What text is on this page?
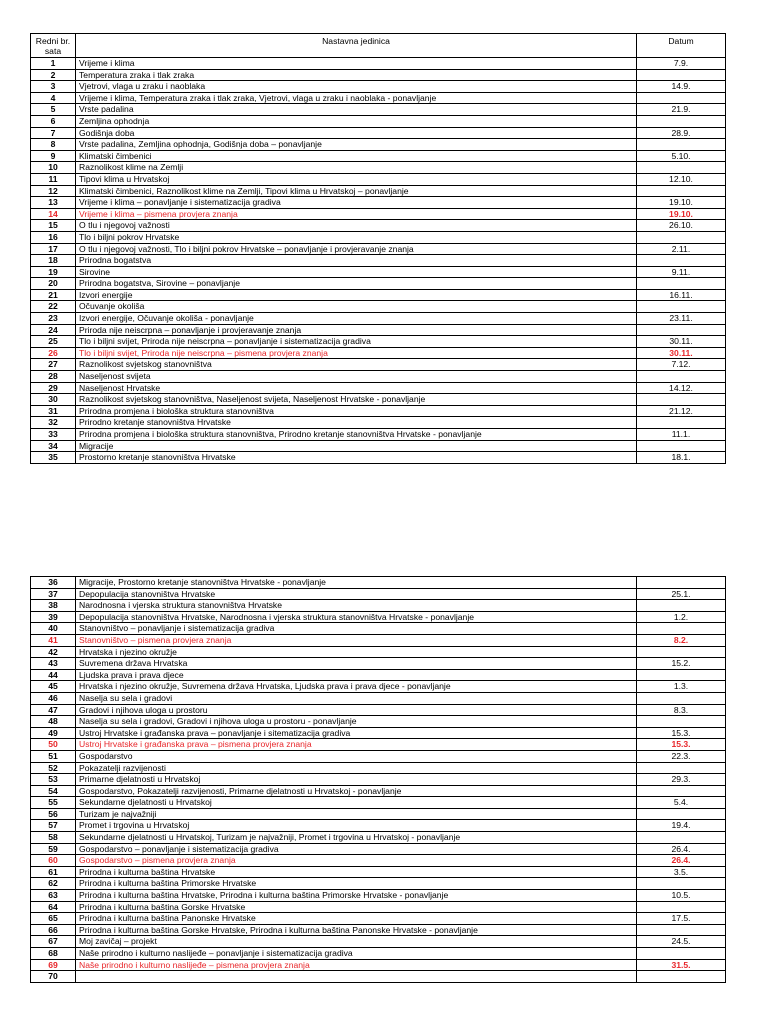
Redni br. sata	Nastavna jedinica	Datum
1	Vrijeme i klima	7.9.
2	Temperatura zraka i tlak zraka	
3	Vjetrovi, vlaga u zraku i naoblaka	14.9.
4	Vrijeme i klima, Temperatura zraka i tlak zraka, Vjetrovi, vlaga u zraku i naoblaka - ponavljanje	
5	Vrste padalina	21.9.
6	Zemljina ophodnja	
7	Godišnja doba	28.9.
8	Vrste padalina, Zemljina ophodnja, Godišnja doba – ponavljanje	
9	Klimatski čimbenici	5.10.
10	Raznolikost klime na Zemlji	
11	Tipovi klima u Hrvatskoj	12.10.
12	Klimatski čimbenici, Raznolikost klime na Zemlji, Tipovi klima u Hrvatskoj – ponavljanje	
13	Vrijeme i klima – ponavljanje i sistematizacija gradiva	19.10.
14	Vrijeme i klima – pismena provjera znanja	19.10.
15	O tlu i njegovoj važnosti	26.10.
16	Tlo i biljni pokrov Hrvatske	
17	O tlu i njegovoj važnosti, Tlo i biljni pokrov Hrvatske – ponavljanje i provjeravanje znanja	2.11.
18	Prirodna bogatstva	
19	Sirovine	9.11.
20	Prirodna bogatstva, Sirovine – ponavljanje	
21	Izvori energije	16.11.
22	Očuvanje okoliša	
23	Izvori energije, Očuvanje okoliša - ponavljanje	23.11.
24	Priroda nije neiscrpna – ponavljanje i provjeravanje znanja	
25	Tlo i biljni svijet, Priroda nije neiscrpna – ponavljanje i sistematizacija gradiva	30.11.
26	Tlo i biljni svijet, Priroda nije neiscrpna – pismena provjera znanja	30.11.
27	Raznolikost svjetskog stanovništva	7.12.
28	Naseljenost svijeta	
29	Naseljenost Hrvatske	14.12.
30	Raznolikost svjetskog stanovništva, Naseljenost svijeta, Naseljenost Hrvatske - ponavljanje	
31	Prirodna promjena i biološka struktura stanovništva	21.12.
32	Prirodno kretanje stanovništva Hrvatske	
33	Prirodna promjena i biološka struktura stanovništva, Prirodno kretanje stanovništva Hrvatske - ponavljanje	11.1.
34	Migracije	
35	Prostorno kretanje stanovništva Hrvatske	18.1.
36	Migracije, Prostorno kretanje stanovništva Hrvatske - ponavljanje	
37	Depopulacija stanovništva Hrvatske	25.1.
38	Narodnosna i vjerska struktura stanovništva Hrvatske	
39	Depopulacija stanovništva Hrvatske, Narodnosna i vjerska struktura stanovništva Hrvatske - ponavljanje	1.2.
40	Stanovništvo – ponavljanje i sistematizacija gradiva	
41	Stanovništvo – pismena provjera znanja	8.2.
42	Hrvatska i njezino okružje	
43	Suvremena država Hrvatska	15.2.
44	Ljudska prava i prava djece	
45	Hrvatska i njezino okružje, Suvremena država Hrvatska, Ljudska prava i prava djece - ponavljanje	1.3.
46	Naselja su sela i gradovi	
47	Gradovi i njihova uloga u prostoru	8.3.
48	Naselja su sela i gradovi, Gradovi i njihova uloga u prostoru - ponavljanje	
49	Ustroj Hrvatske i građanska prava – ponavljanje i sitematizacija gradiva	15.3.
50	Ustroj Hrvatske i građanska prava – pismena provjera znanja	15.3.
51	Gospodarstvo	22.3.
52	Pokazatelji razvijenosti	
53	Primarne djelatnosti u Hrvatskoj	29.3.
54	Gospodarstvo, Pokazatelji razvijenosti, Primarne djelatnosti u Hrvatskoj - ponavljanje	
55	Sekundarne djelatnosti u Hrvatskoj	5.4.
56	Turizam je najvažniji	
57	Promet i trgovina u Hrvatskoj	19.4.
58	Sekundarne djelatnosti u Hrvatskoj, Turizam je najvažniji, Promet i trgovina u Hrvatskoj - ponavljanje	
59	Gospodarstvo – ponavljanje i sistematizacija gradiva	26.4.
60	Gospodarstvo – pismena provjera znanja	26.4.
61	Prirodna i kulturna baština Hrvatske	3.5.
62	Prirodna i kulturna baština Primorske Hrvatske	
63	Prirodna i kulturna baština Hrvatske, Prirodna i kulturna baština Primorske Hrvatske - ponavljanje	10.5.
64	Prirodna i kulturna baština Gorske Hrvatske	
65	Prirodna i kulturna baština Panonske Hrvatske	17.5.
66	Prirodna i kulturna baština Gorske Hrvatske, Prirodna i kulturna baština Panonske Hrvatske - ponavljanje	
67	Moj zavičaj – projekt	24.5.
68	Naše prirodno i kulturno naslijeđe – ponavljanje i sistematizacija gradiva	
69	Naše prirodno i kulturno naslijeđe – pismena provjera znanja	31.5.
70		
